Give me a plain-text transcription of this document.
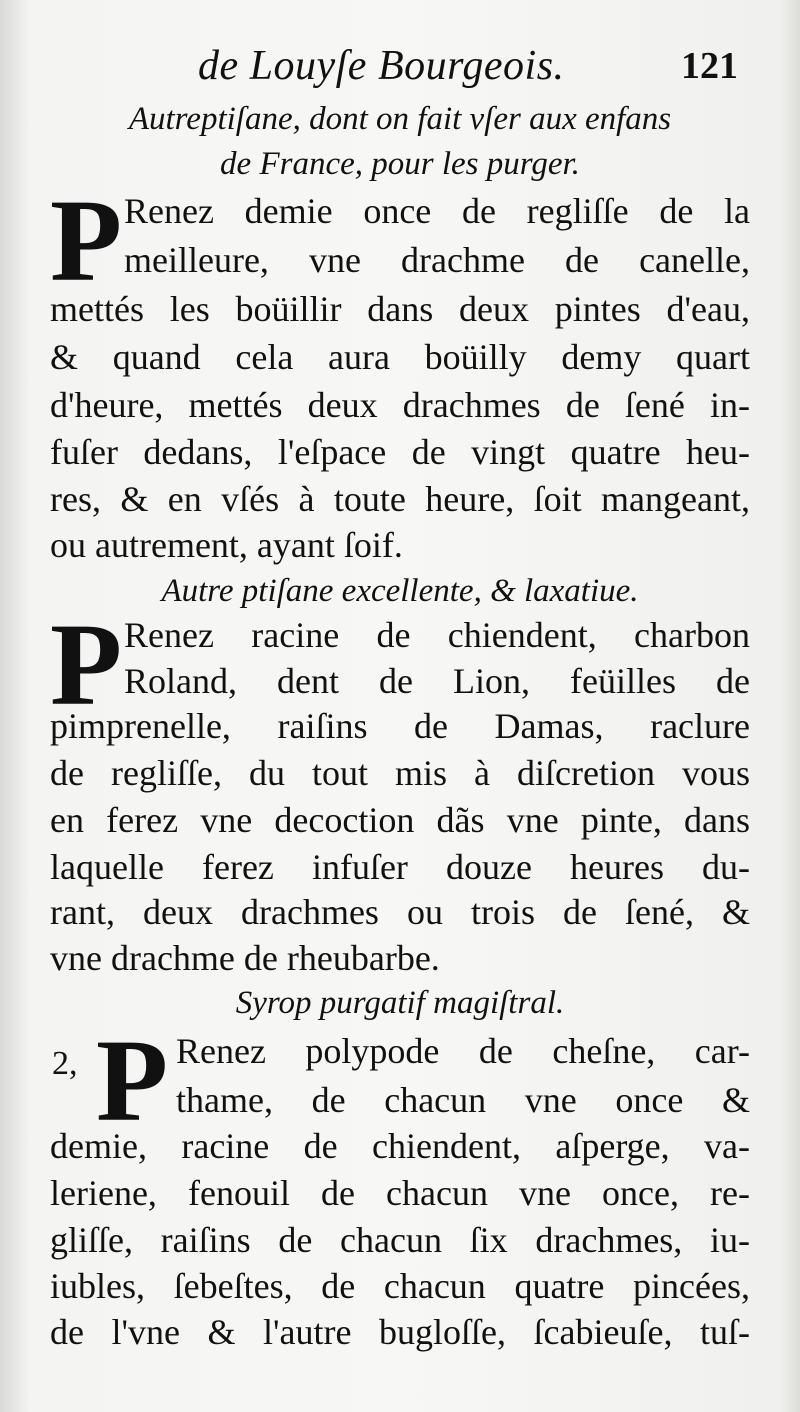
de Louyſe Bourgeois.	121
Autreptiſane, dont on fait vſer aux enfans
de France, pour les purger.
P Renez demie once de regliſſe de la
meilleure, vne drachme de canelle,
mettés les boüillir dans deux pintes d'eau,
& quand cela aura boüilly demy quart
d'heure, mettés deux drachmes de ſené in-
fuſer dedans, l'eſpace de vingt quatre heu-
res, & en vſés à toute heure, ſoit mangeant,
ou autrement, ayant ſoif.
Autre ptiſane excellente, & laxatiue.
P Renez racine de chiendent, charbon
Roland, dent de Lion, feüilles de
pimprenelle, raiſins de Damas, raclure
de regliſſe, du tout mis à diſcretion vous
en ferez vne decoction dãs vne pinte, dans
laquelle ferez infuſer douze heures du-
rant, deux drachmes ou trois de ſené, &
vne drachme de rheubarbe.
Syrop purgatif magiſtral.
2, P Renez polypode de cheſne, car-
thame, de chacun vne once &
demie, racine de chiendent, aſperge, va-
leriene, fenouil de chacun vne once, re-
gliſſe, raiſins de chacun ſix drachmes, iu-
iubles, ſebeſtes, de chacun quatre pincées,
de l'vne & l'autre bugloſſe, ſcabieuſe, tuſ-
